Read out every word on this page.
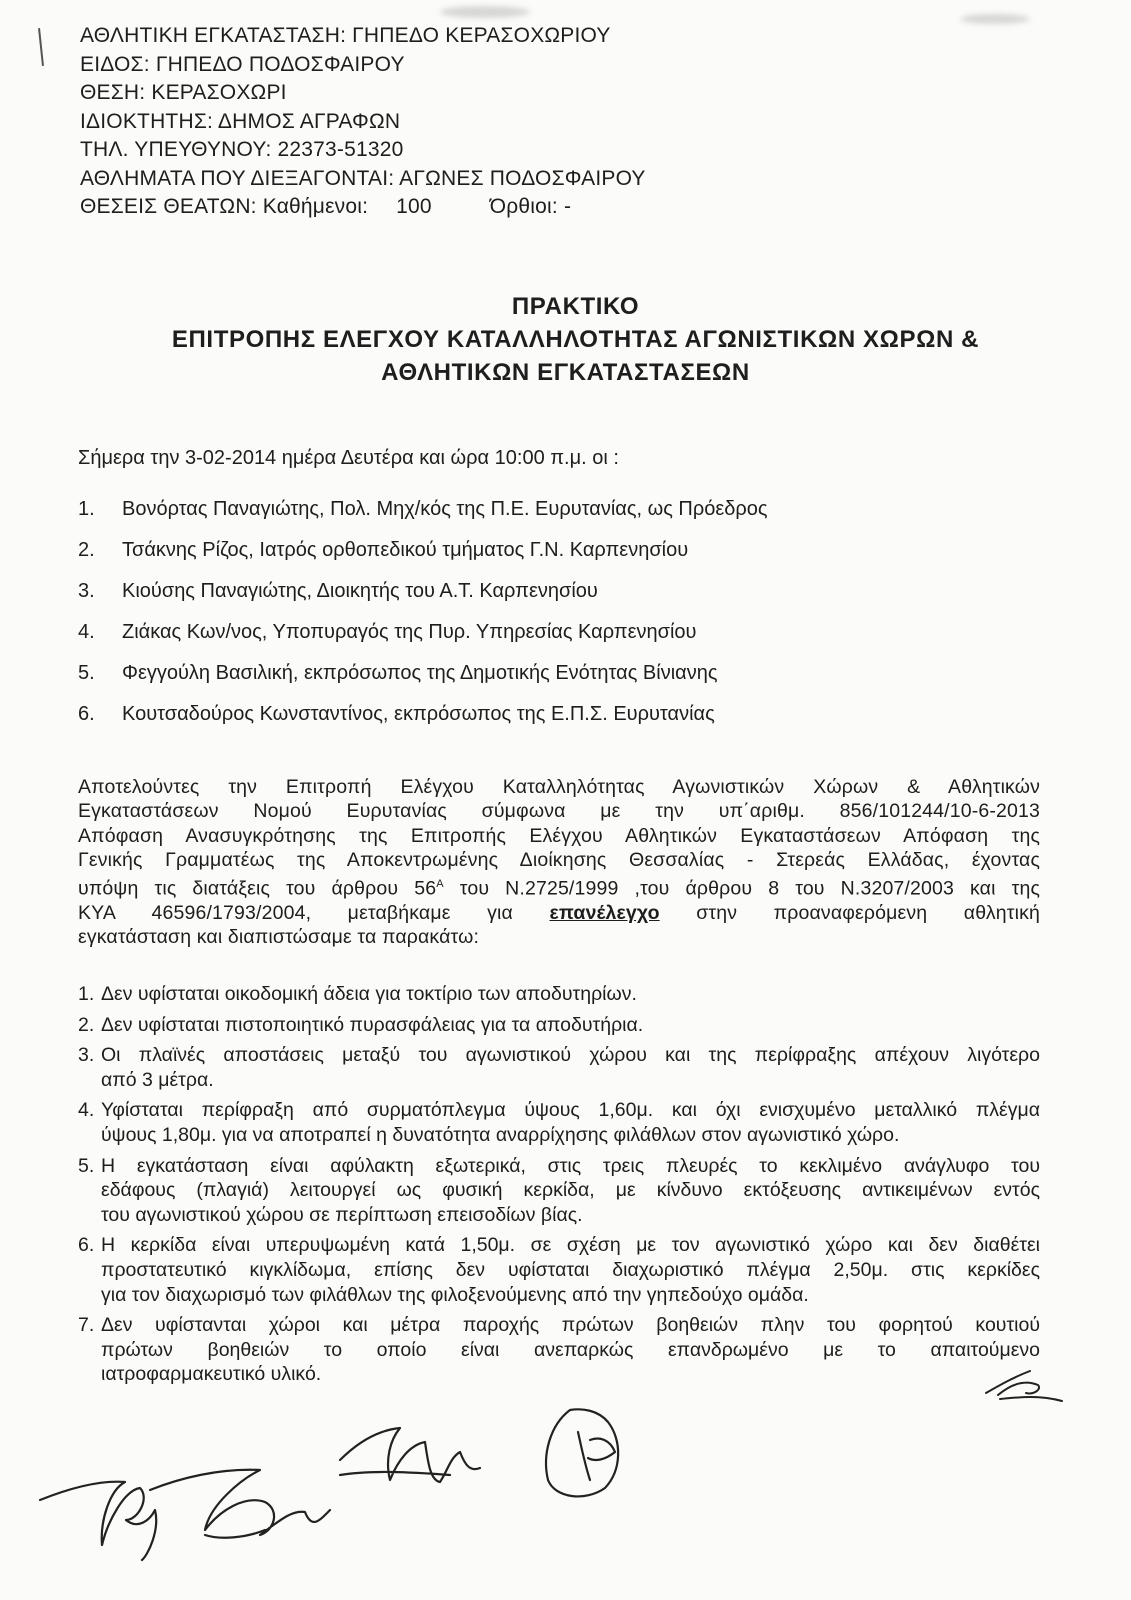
ΑΘΛΗΤΙΚΗ ΕΓΚΑΤΑΣΤΑΣΗ: ΓΗΠΕΔΟ ΚΕΡΑΣΟΧΩΡΙΟΥ
ΕΙΔΟΣ: ΓΗΠΕΔΟ ΠΟΔΟΣΦΑΙΡΟΥ
ΘΕΣΗ: ΚΕΡΑΣΟΧΩΡΙ
ΙΔΙΟΚΤΗΤΗΣ: ΔΗΜΟΣ ΑΓΡΑΦΩΝ
ΤΗΛ. ΥΠΕΥΘΥΝΟΥ: 22373-51320
ΑΘΛΗΜΑΤΑ ΠΟΥ ΔΙΕΞΑΓΟΝΤΑΙ: ΑΓΩΝΕΣ ΠΟΔΟΣΦΑΙΡΟΥ
ΘΕΣΕΙΣ ΘΕΑΤΩΝ: Καθήμενοι: 100	Όρθιοι: -
ΠΡΑΚΤΙΚΟ
ΕΠΙΤΡΟΠΗΣ ΕΛΕΓΧΟΥ ΚΑΤΑΛΛΗΛΟΤΗΤΑΣ ΑΓΩΝΙΣΤΙΚΩΝ ΧΩΡΩΝ &
ΑΘΛΗΤΙΚΩΝ ΕΓΚΑΤΑΣΤΑΣΕΩΝ
Σήμερα την 3-02-2014 ημέρα Δευτέρα και ώρα 10:00 π.μ. οι :
1. Βονόρτας Παναγιώτης, Πολ. Μηχ/κός της Π.Ε. Ευρυτανίας, ως Πρόεδρος
2. Τσάκνης Ρίζος, Ιατρός ορθοπεδικού τμήματος Γ.Ν. Καρπενησίου
3. Κιούσης Παναγιώτης, Διοικητής του Α.Τ. Καρπενησίου
4. Ζιάκας Κων/νος, Υποπυραγός της Πυρ. Υπηρεσίας Καρπενησίου
5. Φεγγούλη Βασιλική, εκπρόσωπος της Δημοτικής Ενότητας Βίνιανης
6. Κουτσαδούρος Κωνσταντίνος, εκπρόσωπος της Ε.Π.Σ. Ευρυτανίας
Αποτελούντες την Επιτροπή Ελέγχου Καταλληλότητας Αγωνιστικών Χώρων & Αθλητικών
Εγκαταστάσεων Νομού Ευρυτανίας σύμφωνα με την υπ΄αριθμ. 856/101244/10-6-2013
Απόφαση Ανασυγκρότησης της Επιτροπής Ελέγχου Αθλητικών Εγκαταστάσεων Απόφαση της
Γενικής Γραμματέως της Αποκεντρωμένης Διοίκησης Θεσσαλίας - Στερεάς Ελλάδας, έχοντας
υπόψη τις διατάξεις του άρθρου $56^A$ του Ν.2725/1999 ,του άρθρου 8 του Ν.3207/2003 και της
ΚΥΑ 46596/1793/2004, μεταβήκαμε για επανέλεγχο στην προαναφερόμενη αθλητική
εγκατάσταση και διαπιστώσαμε τα παρακάτω:
1. Δεν υφίσταται οικοδομική άδεια για τοκτίριο των αποδυτηρίων.
2. Δεν υφίσταται πιστοποιητικό πυρασφάλειας για τα αποδυτήρια.
3. Οι πλαϊνές αποστάσεις μεταξύ του αγωνιστικού χώρου και της περίφραξης απέχουν λιγότερο
από 3 μέτρα.
4. Υφίσταται περίφραξη από συρματόπλεγμα ύψους 1,60μ. και όχι ενισχυμένο μεταλλικό πλέγμα
ύψους 1,80μ. για να αποτραπεί η δυνατότητα αναρρίχησης φιλάθλων στον αγωνιστικό χώρο.
5. Η εγκατάσταση είναι αφύλακτη εξωτερικά, στις τρεις πλευρές το κεκλιμένο ανάγλυφο του
εδάφους (πλαγιά) λειτουργεί ως φυσική κερκίδα, με κίνδυνο εκτόξευσης αντικειμένων εντός
του αγωνιστικού χώρου σε περίπτωση επεισοδίων βίας.
6. Η κερκίδα είναι υπερυψωμένη κατά 1,50μ. σε σχέση με τον αγωνιστικό χώρο και δεν διαθέτει
προστατευτικό κιγκλίδωμα, επίσης δεν υφίσταται διαχωριστικό πλέγμα 2,50μ. στις κερκίδες
για τον διαχωρισμό των φιλάθλων της φιλοξενούμενης από την γηπεδούχο ομάδα.
7. Δεν υφίστανται χώροι και μέτρα παροχής πρώτων βοηθειών πλην του φορητού κουτιού
πρώτων βοηθειών το οποίο είναι ανεπαρκώς επανδρωμένο με το απαιτούμενο
ιατροφαρμακευτικό υλικό.
